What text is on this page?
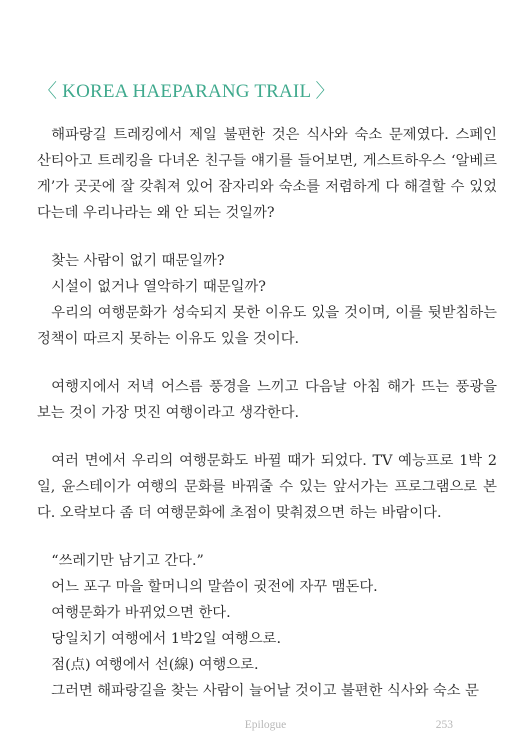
〈 KOREA HAEPARANG TRAIL 〉

해파랑길 트레킹에서 제일 불편한 것은 식사와 숙소 문제였다. 스페인 산티아고 트레킹을 다녀온 친구들 얘기를 들어보면, 게스트하우스 ‘알베르게’가 곳곳에 잘 갖춰져 있어 잠자리와 숙소를 저렴하게 다 해결할 수 있었다는데 우리나라는 왜 안 되는 것일까?

찾는 사람이 없기 때문일까?
시설이 없거나 열악하기 때문일까?
우리의 여행문화가 성숙되지 못한 이유도 있을 것이며, 이를 뒷받침하는 정책이 따르지 못하는 이유도 있을 것이다.

여행지에서 저녁 어스름 풍경을 느끼고 다음날 아침 해가 뜨는 풍광을 보는 것이 가장 멋진 여행이라고 생각한다.

여러 면에서 우리의 여행문화도 바뀔 때가 되었다. TV 예능프로 1박 2일, 윤스테이가 여행의 문화를 바꿔줄 수 있는 앞서가는 프로그램으로 본다. 오락보다 좀 더 여행문화에 초점이 맞춰졌으면 하는 바람이다.

“쓰레기만 남기고 간다.”
어느 포구 마을 할머니의 말씀이 귓전에 자꾸 맴돈다.
여행문화가 바뀌었으면 한다.
당일치기 여행에서 1박2일 여행으로.
점(点) 여행에서 선(線) 여행으로.
그러면 해파랑길을 찾는 사람이 늘어날 것이고 불편한 식사와 숙소 문

Epilogue	253
